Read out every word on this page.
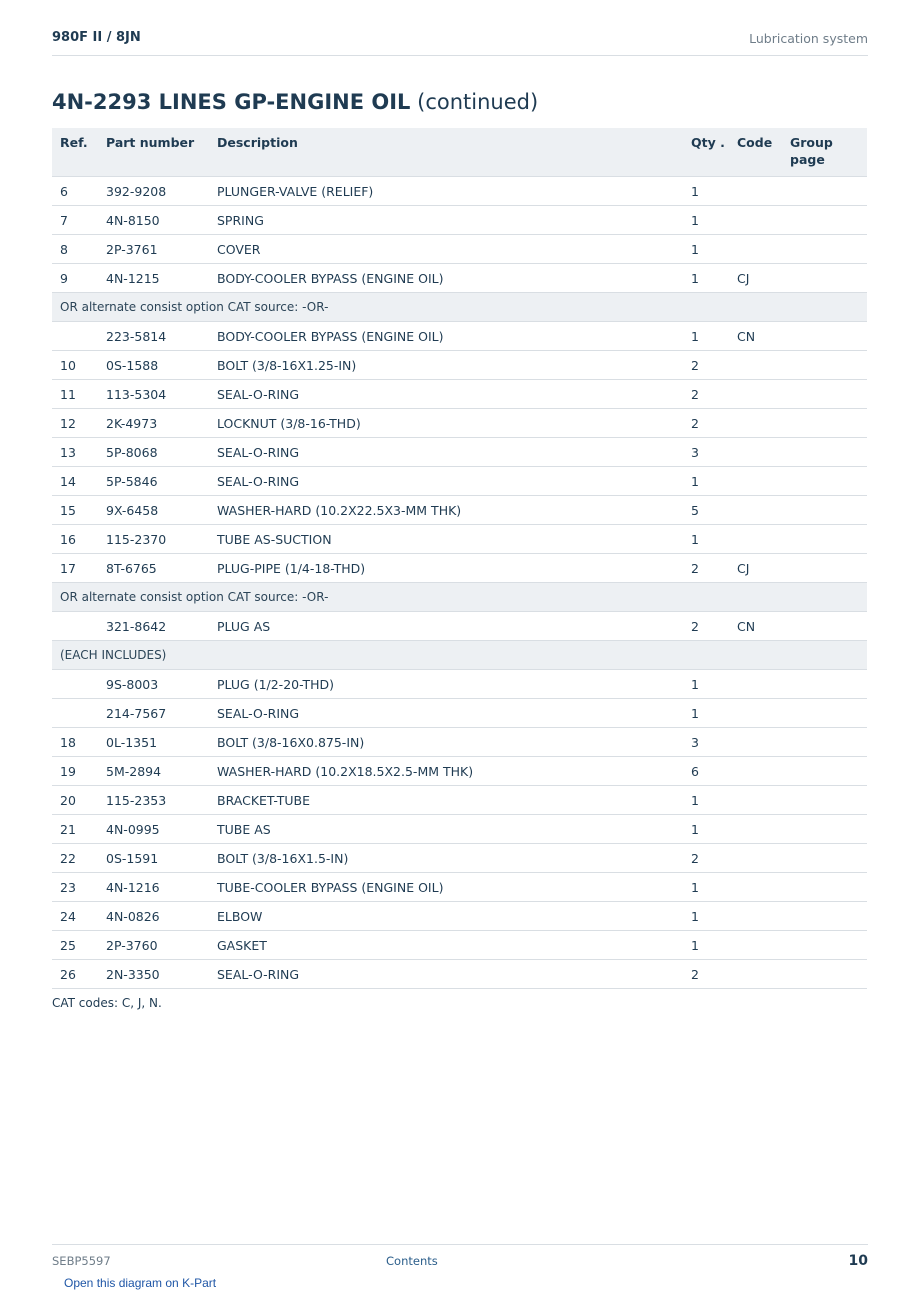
980F II / 8JN	Lubrication system
4N-2293 LINES GP-ENGINE OIL (continued)
Ref.	Part number	Description	Qty .	Code	Group page
6	392-9208	PLUNGER-VALVE (RELIEF)	1		
7	4N-8150	SPRING	1		
8	2P-3761	COVER	1		
9	4N-1215	BODY-COOLER BYPASS (ENGINE OIL)	1	CJ	
OR alternate consist option CAT source: -OR-					
	223-5814	BODY-COOLER BYPASS (ENGINE OIL)	1	CN	
10	0S-1588	BOLT (3/8-16X1.25-IN)	2		
11	113-5304	SEAL-O-RING	2		
12	2K-4973	LOCKNUT (3/8-16-THD)	2		
13	5P-8068	SEAL-O-RING	3		
14	5P-5846	SEAL-O-RING	1		
15	9X-6458	WASHER-HARD (10.2X22.5X3-MM THK)	5		
16	115-2370	TUBE AS-SUCTION	1		
17	8T-6765	PLUG-PIPE (1/4-18-THD)	2	CJ	
OR alternate consist option CAT source: -OR-					
	321-8642	PLUG AS	2	CN	
(EACH INCLUDES)					
	9S-8003	PLUG (1/2-20-THD)	1		
	214-7567	SEAL-O-RING	1		
18	0L-1351	BOLT (3/8-16X0.875-IN)	3		
19	5M-2894	WASHER-HARD (10.2X18.5X2.5-MM THK)	6		
20	115-2353	BRACKET-TUBE	1		
21	4N-0995	TUBE AS	1		
22	0S-1591	BOLT (3/8-16X1.5-IN)	2		
23	4N-1216	TUBE-COOLER BYPASS (ENGINE OIL)	1		
24	4N-0826	ELBOW	1		
25	2P-3760	GASKET	1		
26	2N-3350	SEAL-O-RING	2		
CAT codes: C, J, N.
SEBP5597	Contents	10
Open this diagram on K-Part
